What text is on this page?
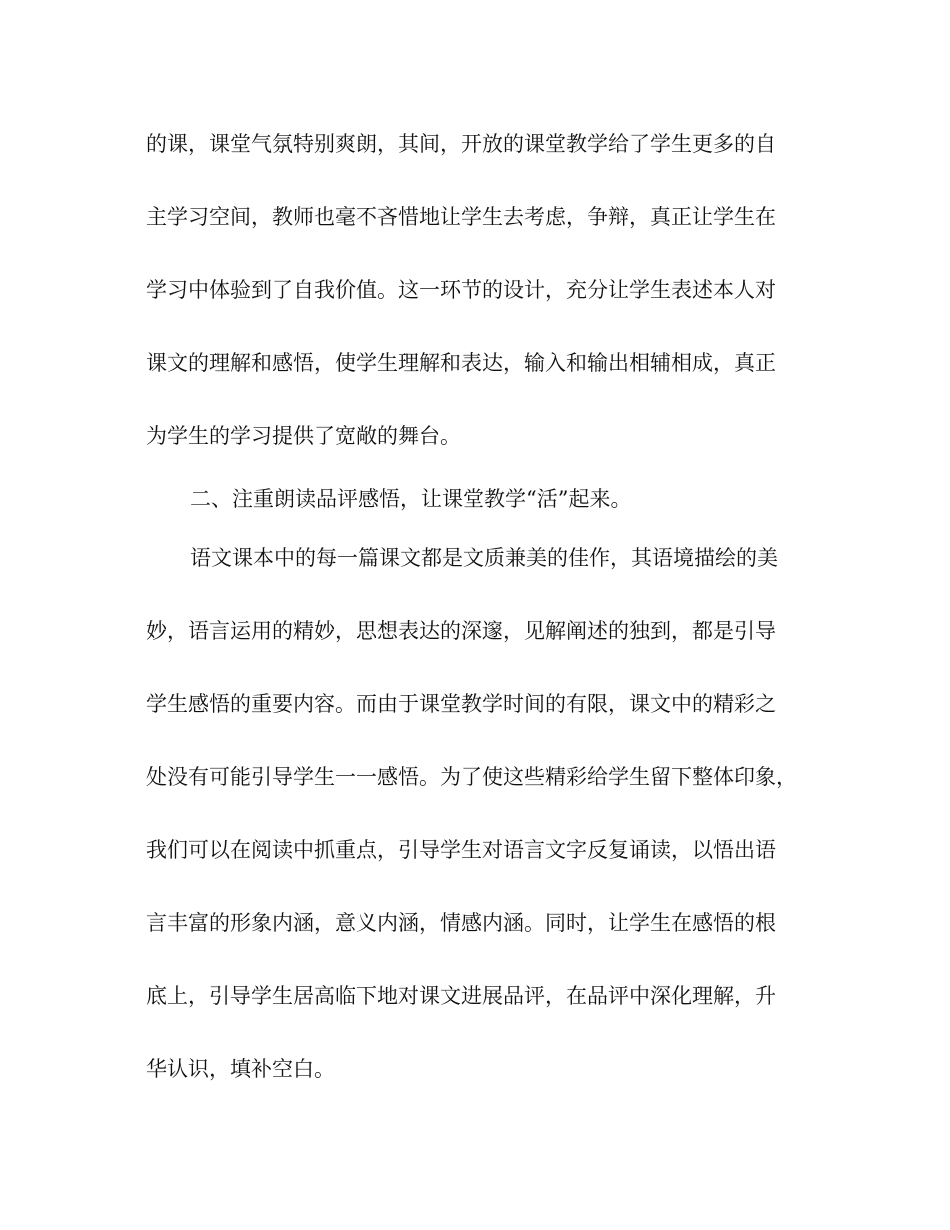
的课，课堂气氛特别爽朗，其间，开放的课堂教学给了学生更多的自

主学习空间，教师也毫不吝惜地让学生去考虑，争辩，真正让学生在

学习中体验到了自我价值。这一环节的设计，充分让学生表述本人对

课文的理解和感悟，使学生理解和表达，输入和输出相辅相成，真正

为学生的学习提供了宽敞的舞台。

二、注重朗读品评感悟，让课堂教学“活”起来。

语文课本中的每一篇课文都是文质兼美的佳作，其语境描绘的美

妙，语言运用的精妙，思想表达的深邃，见解阐述的独到，都是引导

学生感悟的重要内容。而由于课堂教学时间的有限，课文中的精彩之

处没有可能引导学生一一感悟。为了使这些精彩给学生留下整体印象，

我们可以在阅读中抓重点，引导学生对语言文字反复诵读，以悟出语

言丰富的形象内涵，意义内涵，情感内涵。同时，让学生在感悟的根

底上，引导学生居高临下地对课文进展品评，在品评中深化理解，升

华认识，填补空白。
